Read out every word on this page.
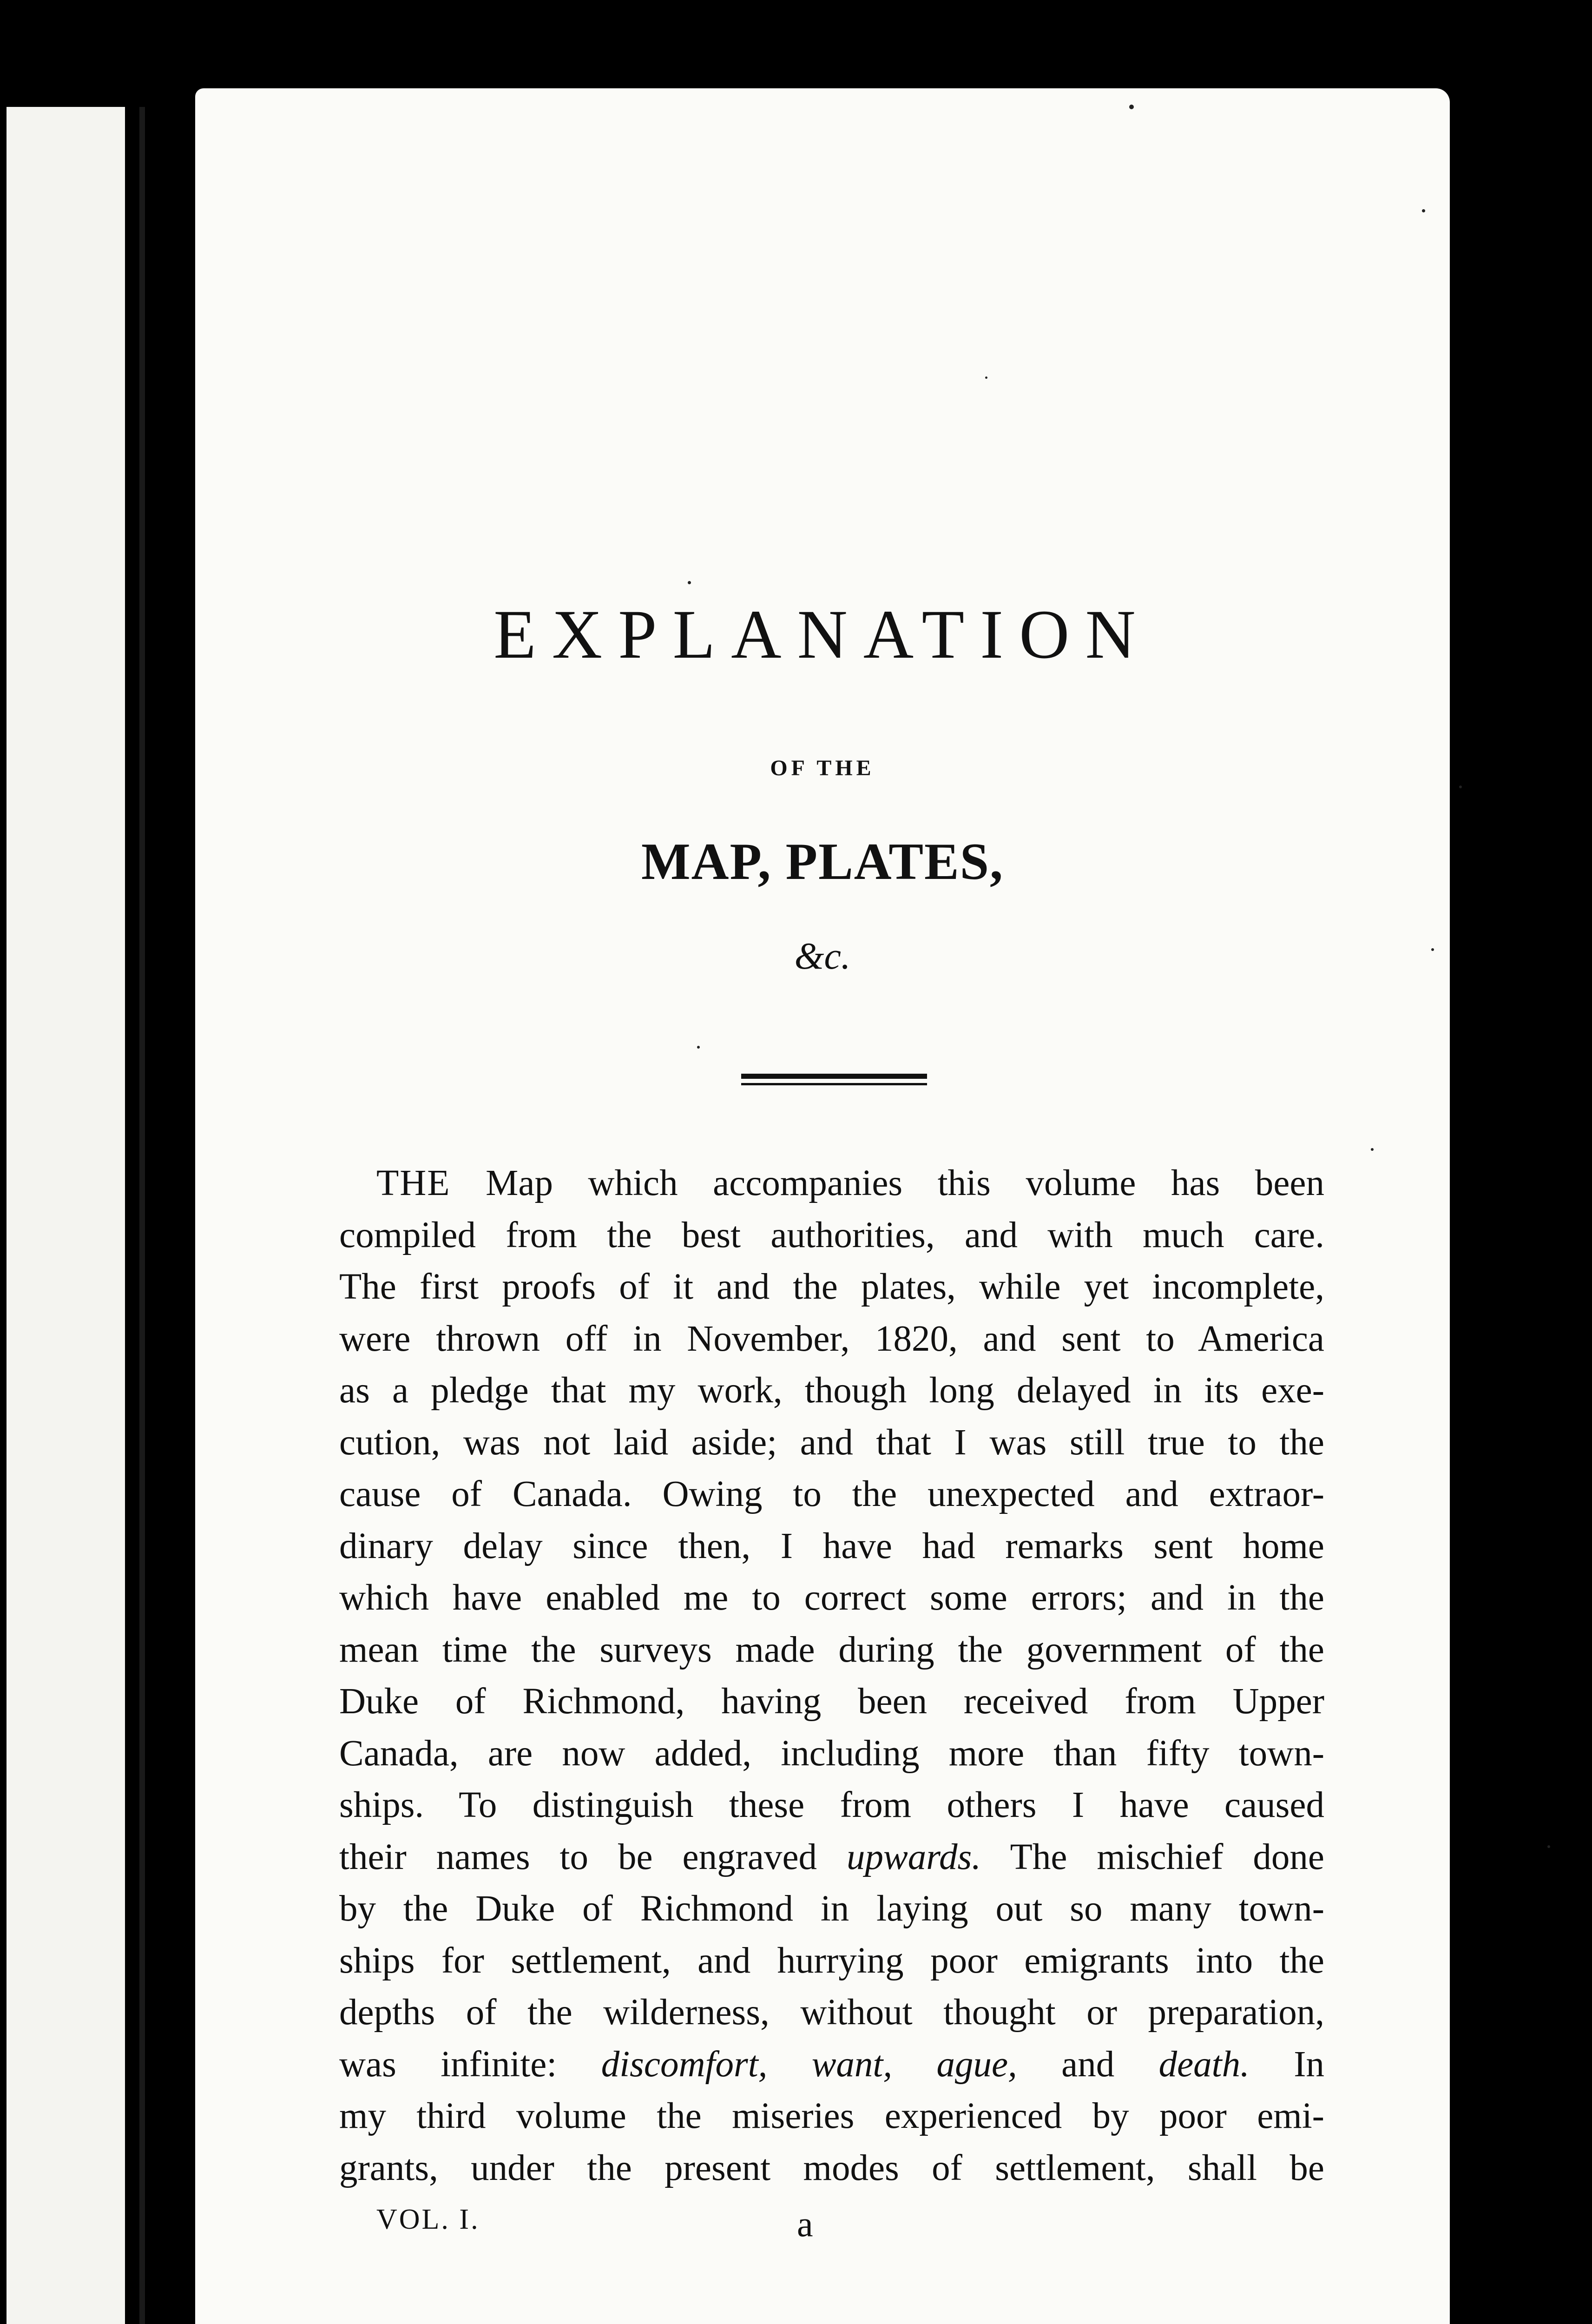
EXPLANATION
OF THE
MAP, PLATES,
&c.
THE Map which accompanies this volume has been
compiled from the best authorities, and with much care.
The first proofs of it and the plates, while yet incomplete,
were thrown off in November, 1820, and sent to America
as a pledge that my work, though long delayed in its exe-
cution, was not laid aside; and that I was still true to the
cause of Canada. Owing to the unexpected and extraor-
dinary delay since then, I have had remarks sent home
which have enabled me to correct some errors; and in the
mean time the surveys made during the government of the
Duke of Richmond, having been received from Upper
Canada, are now added, including more than fifty town-
ships. To distinguish these from others I have caused
their names to be engraved upwards. The mischief done
by the Duke of Richmond in laying out so many town-
ships for settlement, and hurrying poor emigrants into the
depths of the wilderness, without thought or preparation,
was infinite: discomfort, want, ague, and death. In
my third volume the miseries experienced by poor emi-
grants, under the present modes of settlement, shall be
VOL. I.	a
